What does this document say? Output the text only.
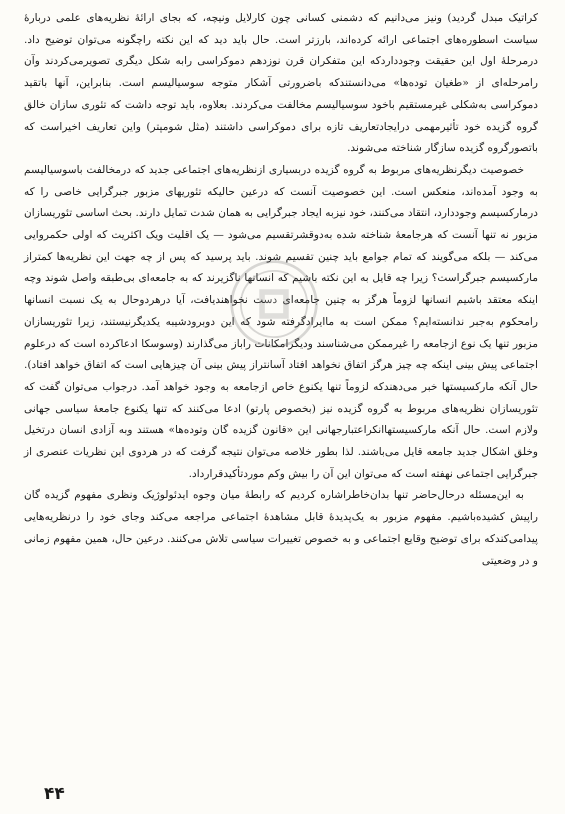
کراتیک مبدل گردید) ونیز می‌دانیم که دشمنی کسانی چون کارلایل ونیچه، که بجای ارائهٔ نظریه‌های علمی دربارهٔ سیاست اسطوره‌های اجتماعی ارائه کرده‌اند، بارزتر است. حال باید دید که این نکته راچگونه می‌توان توضیح داد. درمرحلهٔ اول این حقیقت وجودداردکه این متفکران قرن نوزدهم دموکراسی رابه شکل دیگری تصویرمی‌کردند وآن رامرحله‌ای از «طغیان توده‌ها» می‌دانستندکه باضرورتی آشکار متوجه سوسیالیسم است. بنابراین، آنها باتقید دموکراسی به‌شکلی غیرمستقیم باخود سوسیالیسم مخالفت می‌کردند. بعلاوه، باید توجه داشت که تئوری سازان خالق گروه گزیده خود تأثیرمهمی درایجادتعاریف تازه برای دموکراسی داشتند (مثل شومپتر) واین تعاریف اخیراست که باتصورگروه گزیده سازگار شناخته می‌شوند.

خصوصیت دیگرنظریه‌های مربوط به گروه گزیده دربسیاری ازنظریه‌های اجتماعی جدید که درمخالفت باسوسیالیسم به وجود آمده‌اند، منعکس است. این خصوصیت آنست که درعین حالیکه تئوریهای مزبور جبرگرایی خاصی را که درمارکسیسم وجوددارد، انتقاد می‌کنند، خود نیزبه ایجاد جبرگرایی به همان شدت تمایل دارند. بحث اساسی تئوریسازان مزبور نه تنها آنست که هرجامعهٔ شناخته شده به‌دوقشرتقسیم می‌شود — یک اقلیت ویک اکثریت که اولی حکمروایی می‌کند — بلکه می‌گویند که تمام جوامع باید چنین تقسیم شوند. باید پرسید که پس از چه جهت این نظریه‌ها کمتراز مارکسیسم جبرگراست؟ زیرا چه قایل به این نکته باشیم که انسانها ناگزیرند که به جامعه‌ای بی‌طبقه واصل شوند وچه اینکه معتقد باشیم انسانها لزوماً هرگز به چنین جامعه‌ای دست نخواهندیافت، آیا درهردوحال به یک نسبت انسانها رامحکوم به‌جبر ندانسته‌ایم؟ ممکن است به ماایرادگرفته شود که این دوبرودشیبه یکدیگرنیستند، زیرا تئوریسازان مزبور تنها یک نوع ازجامعه را غیرممکن می‌شناسند ودیگرامکانات راباز می‌گذارند (وسوسکا ادعاکرده است که درعلوم اجتماعی پیش بینی اینکه چه چیز هرگز اتفاق نخواهد افتاد آسانتراز پیش بینی آن چیزهایی است که اتفاق خواهد افتاد). حال آنکه مارکسیستها خبر می‌دهندکه لزوماً تنها یکنوع خاص ازجامعه به وجود خواهد آمد. درجواب می‌توان گفت که تئوریسازان نظریه‌های مربوط به گروه گزیده نیز (بخصوص پارتو) ادعا می‌کنند که تنها یکنوع جامعهٔ سیاسی جهانی ولازم است. حال آنکه مارکسیستهاانکراعتبارجهانی این «قانون گزیده گان وتوده‌ها» هستند وبه آزادی انسان درتخیل وخلق اشکال جدید جامعه قایل می‌باشند. لذا بطور خلاصه می‌توان نتیجه گرفت که در هردوی این نظریات عنصری از جبرگرایی اجتماعی نهفته است که می‌توان این آن را بیش وکم موردتأکیدقرارداد.

به این‌مسئله درحال‌حاضر تنها بدان‌خاطراشاره کردیم که رابطهٔ میان وجوه ایدئولوژیک ونظری مفهوم گزیده گان راپیش کشیده‌باشیم. مفهوم مزبور به یک‌پدیدهٔ قابل مشاهدهٔ اجتماعی مراجعه می‌کند وجای خود را درنظریه‌هایی پیدامی‌کندکه برای توضیح وقایع اجتماعی و به خصوص تغییرات سیاسی تلاش می‌کنند. درعین حال، همین مفهوم زمانی و در وضعیتی

۴۴
